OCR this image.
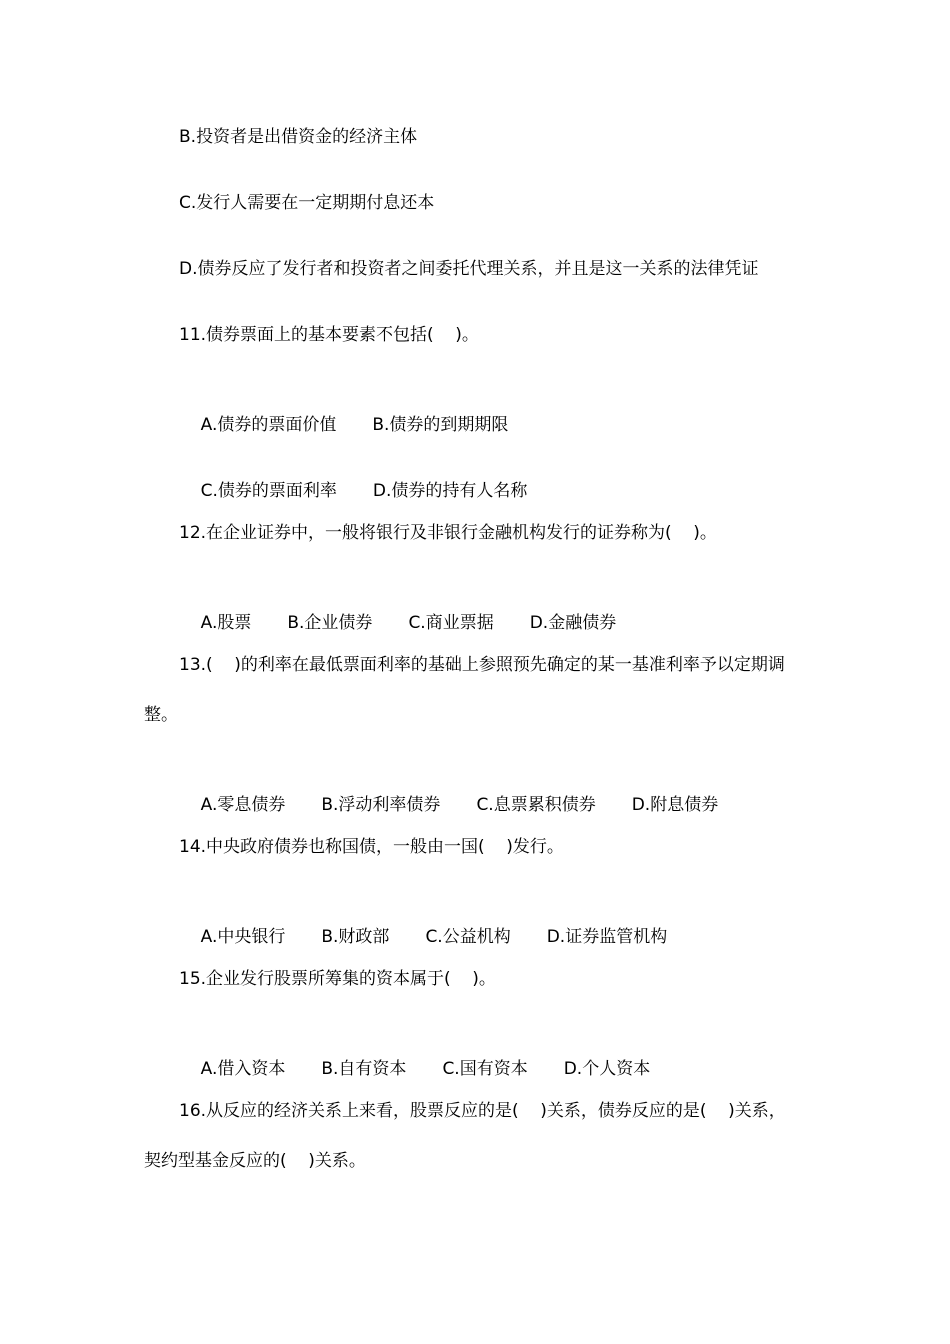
B.投资者是出借资金的经济主体
C.发行人需要在一定期期付息还本
D.债券反应了发行者和投资者之间委托代理关系，并且是这一关系的法律凭证
11.债券票面上的基本要素不包括(    )。

A.债券的票面价值 B.债券的到期期限

C.债券的票面利率 D.债券的持有人名称

12.在企业证券中，一般将银行及非银行金融机构发行的证券称为(    )。

A.股票 B.企业债券 C.商业票据 D.金融债券

13.(    )的利率在最低票面利率的基础上参照预先确定的某一基准利率予以定期调
整。

A.零息债券 B.浮动利率债券 C.息票累积债券 D.附息债券

14.中央政府债券也称国债，一般由一国(    )发行。

A.中央银行 B.财政部 C.公益机构 D.证券监管机构

15.企业发行股票所筹集的资本属于(    )。

A.借入资本 B.自有资本 C.国有资本 D.个人资本

16.从反应的经济关系上来看，股票反应的是(    )关系，债券反应的是(    )关系，
契约型基金反应的(    )关系。
